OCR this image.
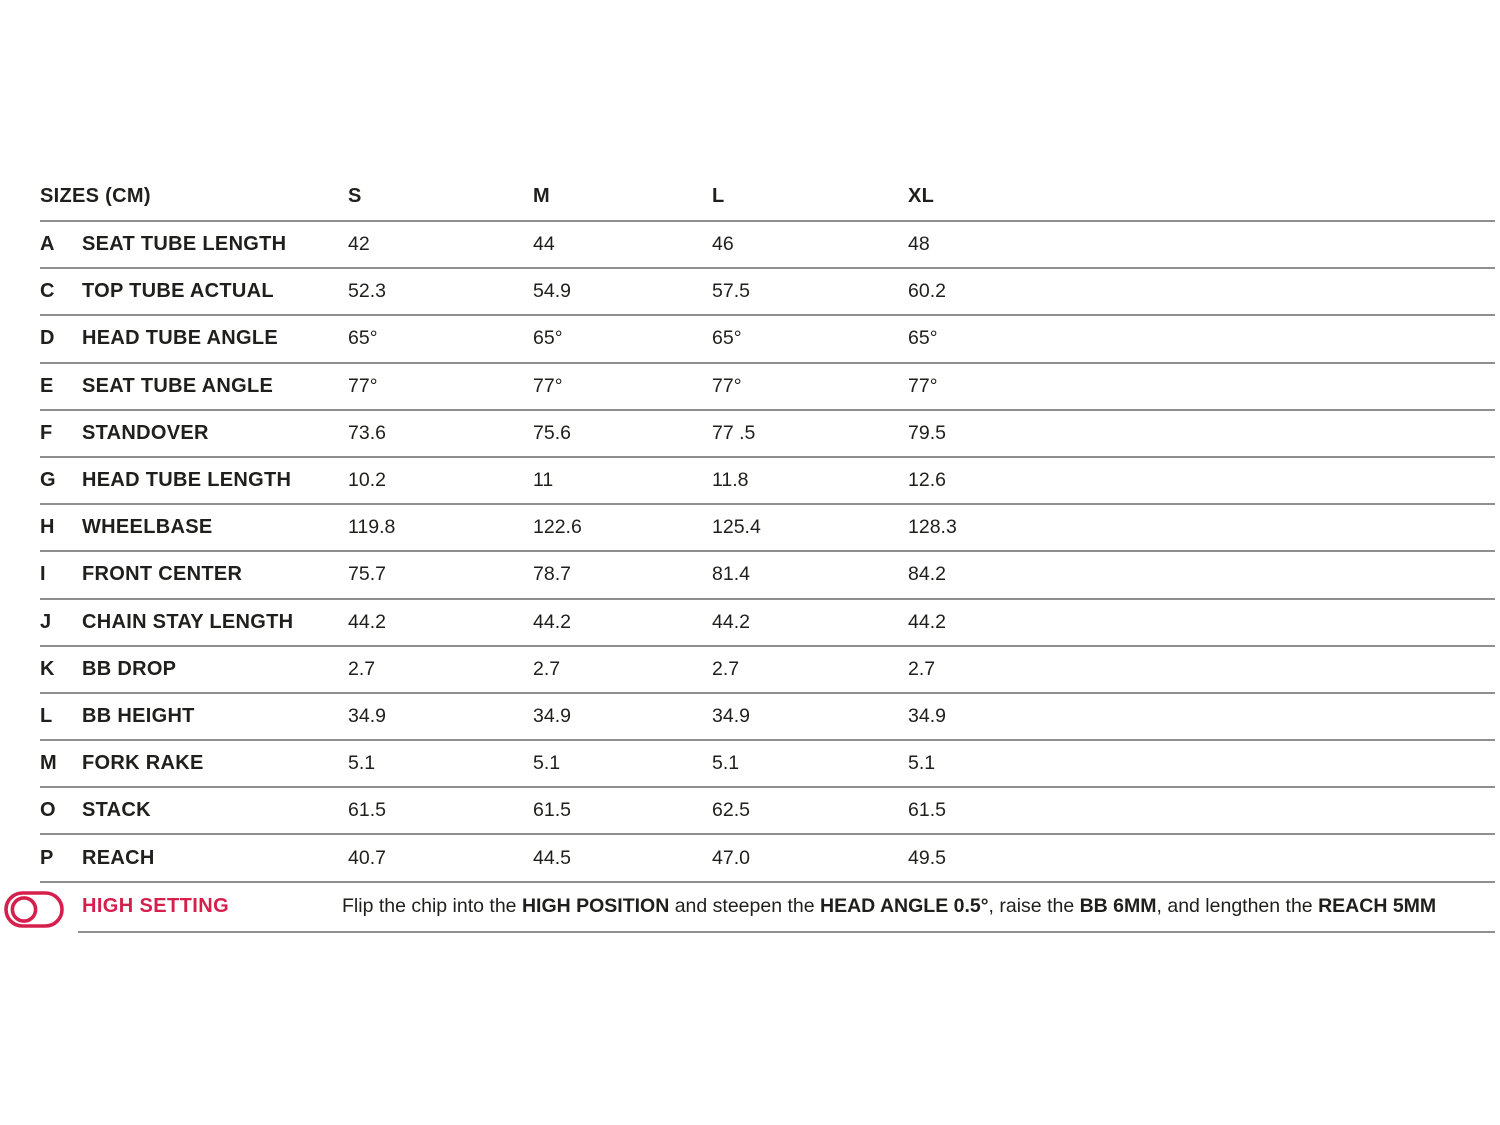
SIZES (CM)	S	M	L	XL
A	SEAT TUBE LENGTH	42	44	46	48
C	TOP TUBE ACTUAL	52.3	54.9	57.5	60.2
D	HEAD TUBE ANGLE	65°	65°	65°	65°
E	SEAT TUBE ANGLE	77°	77°	77°	77°
F	STANDOVER	73.6	75.6	77 .5	79.5
G	HEAD TUBE LENGTH	10.2	11	11.8	12.6
H	WHEELBASE	119.8	122.6	125.4	128.3
I	FRONT CENTER	75.7	78.7	81.4	84.2
J	CHAIN STAY LENGTH	44.2	44.2	44.2	44.2
K	BB DROP	2.7	2.7	2.7	2.7
L	BB HEIGHT	34.9	34.9	34.9	34.9
M	FORK RAKE	5.1	5.1	5.1	5.1
O	STACK	61.5	61.5	62.5	61.5
P	REACH	40.7	44.5	47.0	49.5
HIGH SETTING	Flip the chip into the HIGH POSITION and steepen the HEAD ANGLE 0.5°, raise the BB 6MM, and lengthen the REACH 5MM
